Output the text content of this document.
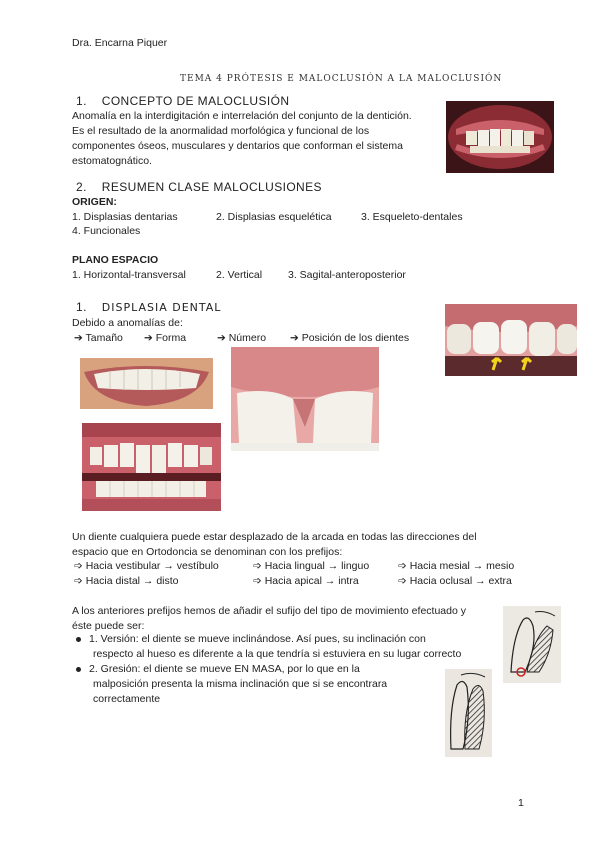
Dra. Encarna Piquer
TEMA 4 PRÓTESIS E MALOCLUSIÓN A LA MALOCLUSIÓN
1. CONCEPTO DE MALOCLUSIÓN
Anomalía en la interdigitación e interrelación del conjunto de la dentición.
Es el resultado de la anormalidad morfológica y funcional de los
componentes óseos, musculares y dentarios que conforman el sistema
estomatognático.
2. RESUMEN CLASE MALOCLUSIONES
ORIGEN:
1. Displasias dentarias	2. Displasias esquelética	3. Esqueleto-dentales
4. Funcionales
PLANO ESPACIO
1. Horizontal-transversal	2. Vertical 3. Sagital-anteroposterior
1. DISPLASIA DENTAL
Debido a anomalías de:
➔ Tamaño ➔ Forma	➔ Número ➔ Posición de los dientes
Un diente cualquiera puede estar desplazado de la arcada en todas las direcciones del
espacio que en Ortodoncia se denominan con los prefijos:
➩ Hacia vestibular → vestíbulo	➩ Hacia lingual → linguo	➩ Hacia mesial → mesio
➩ Hacia distal → disto	➩ Hacia apical → intra	➩ Hacia oclusal → extra
A los anteriores prefijos hemos de añadir el sufijo del tipo de movimiento efectuado y
éste puede ser:
1. Versión: el diente se mueve inclinándose. Así pues, su inclinación con
respecto al hueso es diferente a la que tendría si estuviera en su lugar correcto
2. Gresión: el diente se mueve EN MASA, por lo que en la
malposición presenta la misma inclinación que si se encontrara
correctamente
1
